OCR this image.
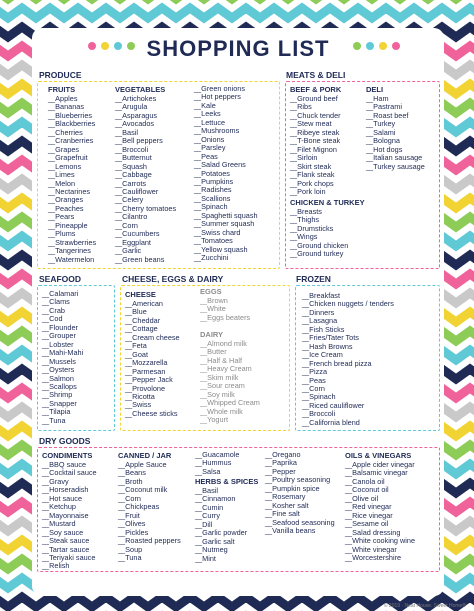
SHOPPING LIST
PRODUCE	MEATS & DELI
SEAFOOD	CHEESE, EGGS & DAIRY	FROZEN
DRY GOODS
FRUITS
__ Apples
__ Bananas
__ Blueberries
__ Blackberries
__ Cherries
__ Cranberries
__ Grapes
__ Grapefruit
__ Lemons
__ Limes
__ Melon
__ Nectarines
__ Oranges
__ Peaches
__ Pears
__ Pineapple
__ Plums
__ Strawberries
__ Tangerines
__ Watermelon
VEGETABLES
__ Artichokes
__ Arugula
__ Asparagus
__ Avocados
__ Basil
__ Bell peppers
__ Broccoli
__ Butternut
__ Squash
__ Cabbage
__ Carrots
__ Cauliflower
__ Celery
__ Cherry tomatoes
__ Cilantro
__ Corn
__ Cucumbers
__ Eggplant
__ Garlic
__ Green beans
__ Green onions
__ Hot peppers
__ Kale
__ Leeks
__ Lettuce
__ Mushrooms
__ Onions
__ Parsley
__ Peas
__ Salad Greens
__ Potatoes
__ Pumpkins
__ Radishes
__ Scallions
__ Spinach
__ Spaghetti squash
__ Summer squash
__ Swiss chard
__ Tomatoes
__ Yellow squash
__ Zucchini
BEEF & PORK
__ Ground beef
__ Ribs
__ Chuck tender
__ Stew meat
__ Ribeye steak
__ T-Bone steak
__ Filet Mignon
__ Sirloin
__ Skirt steak
__ Flank steak
__ Pork chops
__ Pork loin
DELI
__ Ham
__ Pastrami
__ Roast beef
__ Turkey
__ Salami
__ Bologna
__ Hot dogs
__ Italian sausage
__ Turkey sausage
CHICKEN & TURKEY
__ Breasts
__ Thighs
__ Drumsticks
__ Wings
__ Ground chicken
__ Ground turkey
__ Calamari
__ Clams
__ Crab
__ Cod
__ Flounder
__ Grouper
__ Lobster
__ Mahi-Mahi
__ Mussels
__ Oysters
__ Salmon
__ Scallops
__ Shrimp
__ Snapper
__ Tilapia
__ Tuna
CHEESE
__ American
__ Blue
__ Cheddar
__ Cottage
__ Cream cheese
__ Feta
__ Goat
__ Mozzarella
__ Parmesan
__ Pepper Jack
__ Provolone
__ Ricotta
__ Swiss
__ Cheese sticks
EGGS
__ Brown
__ White
__ Eggs beaters
DAIRY
__ Almond milk
__ Butter
__ Half & Half
__ Heavy Cream
__ Skim milk
__ Sour cream
__ Soy milk
__ Whipped Cream
__ Whole milk
__ Yogurt
__ Breakfast
__ Chicken nuggets / tenders
__ Dinners
__ Lasagna
__ Fish Sticks
__ Fries/Tater Tots
__ Hash Browns
__ Ice Cream
__ French bread pizza
__ Pizza
__ Peas
__ Corn
__ Spinach
__ Riced cauliflower
__ Broccoli
__ California blend
CONDIMENTS
__ BBQ sauce
__ Cocktail sauce
__ Gravy
__ Horseradish
__ Hot sauce
__ Ketchup
__ Mayonnaise
__ Mustard
__ Soy sauce
__ Steak sauce
__ Tartar sauce
__ Teriyaki sauce
__ Relish
CANNED / JAR
__ Apple Sauce
__ Beans
__ Broth
__ Coconut milk
__ Corn
__ Chickpeas
__ Fruit
__ Olives
__ Pickles
__ Roasted peppers
__ Soup
__ Tuna
__ Guacamole
__ Hummus
__ Salsa
HERBS & SPICES
__ Basil
__ Cinnamon
__ Cumin
__ Curry
__ Dill
__ Garlic powder
__ Garlic salt
__ Nutmeg
__ Mint
__ Oregano
__ Paprika
__ Pepper
__ Poultry seasoning
__ Pumpkin spice
__ Rosemary
__ Kosher salt
__ Fine salt
__ Seafood seasoning
__ Vanilla beans
OILS & VINEGARS
__ Apple cider vinegar
__ Balsamic vinegar
__ Canola oil
__ Coconut oil
__ Olive oil
__ Red vinegar
__ Rice vinegar
__ Sesame oil
__ Salad dressing
__ White cooking wine
__ White vinegar
__ Worcestershire
© 2019 · Neat House. Sweet Home®
